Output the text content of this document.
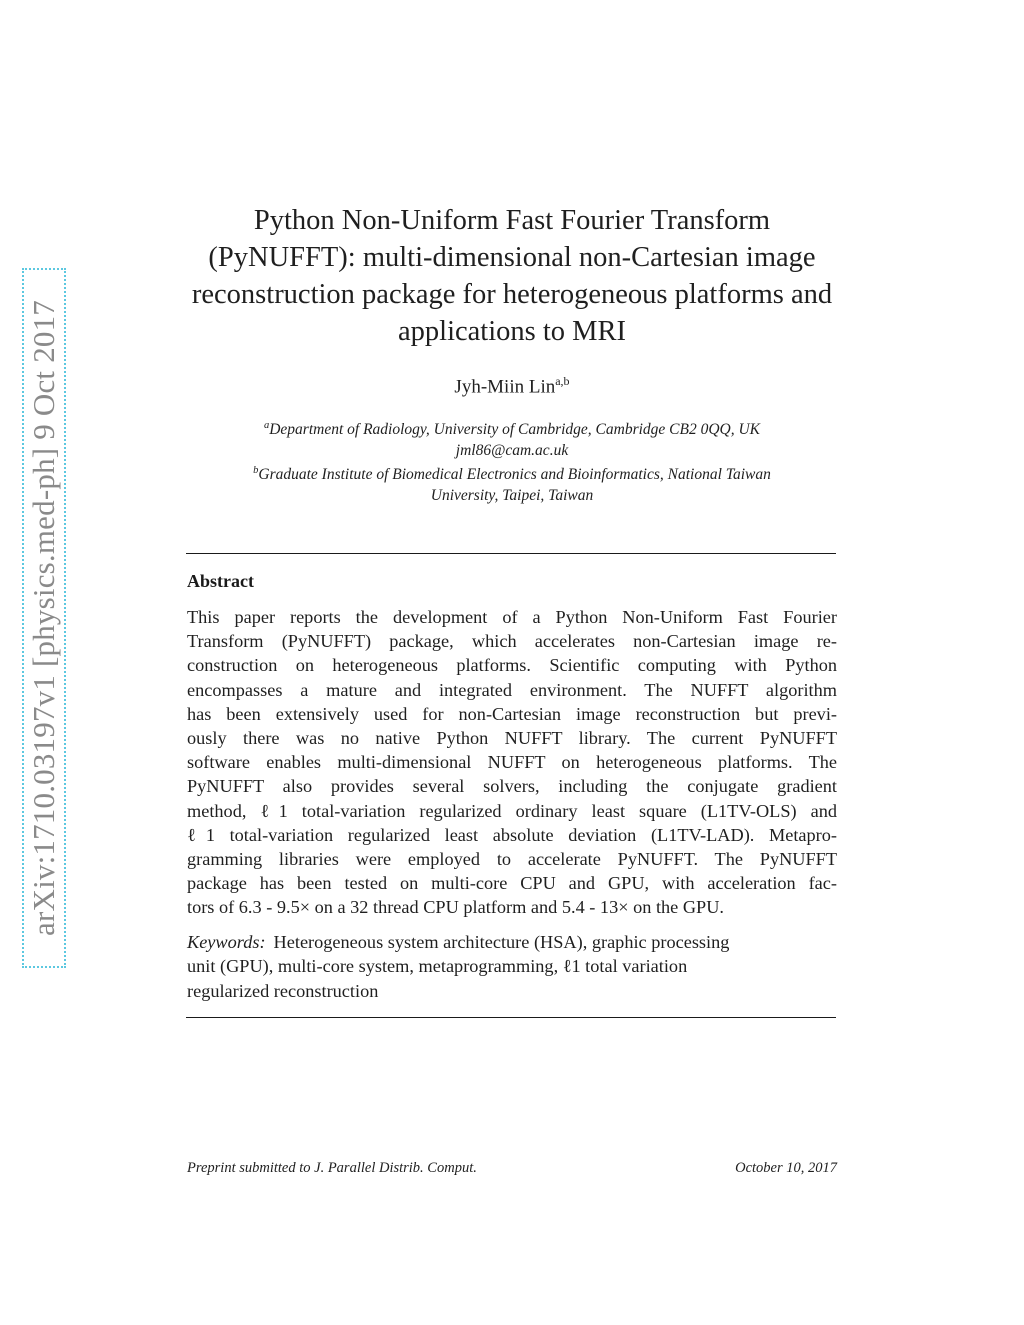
arXiv:1710.03197v1 [physics.med-ph] 9 Oct 2017
Python Non-Uniform Fast Fourier Transform
(PyNUFFT): multi-dimensional non-Cartesian image
reconstruction package for heterogeneous platforms and
applications to MRI
Jyh-Miin Lin$^{a,b}$
$^a$Department of Radiology, University of Cambridge, Cambridge CB2 0QQ, UK
jml86@cam.ac.uk
$^b$Graduate Institute of Biomedical Electronics and Bioinformatics, National Taiwan
University, Taipei, Taiwan
Abstract
This paper reports the development of a Python Non-Uniform Fast Fourier
Transform (PyNUFFT) package, which accelerates non-Cartesian image re-
construction on heterogeneous platforms. Scientific computing with Python
encompasses a mature and integrated environment. The NUFFT algorithm
has been extensively used for non-Cartesian image reconstruction but previ-
ously there was no native Python NUFFT library. The current PyNUFFT
software enables multi-dimensional NUFFT on heterogeneous platforms. The
PyNUFFT also provides several solvers, including the conjugate gradient
method, ℓ1 total-variation regularized ordinary least square (L1TV-OLS) and
ℓ1 total-variation regularized least absolute deviation (L1TV-LAD). Metapro-
gramming libraries were employed to accelerate PyNUFFT. The PyNUFFT
package has been tested on multi-core CPU and GPU, with acceleration fac-
tors of 6.3 - 9.5× on a 32 thread CPU platform and 5.4 - 13× on the GPU.
Keywords: Heterogeneous system architecture (HSA), graphic processing
unit (GPU), multi-core system, metaprogramming, ℓ1 total variation
regularized reconstruction
Preprint submitted to J. Parallel Distrib. Comput.	October 10, 2017
